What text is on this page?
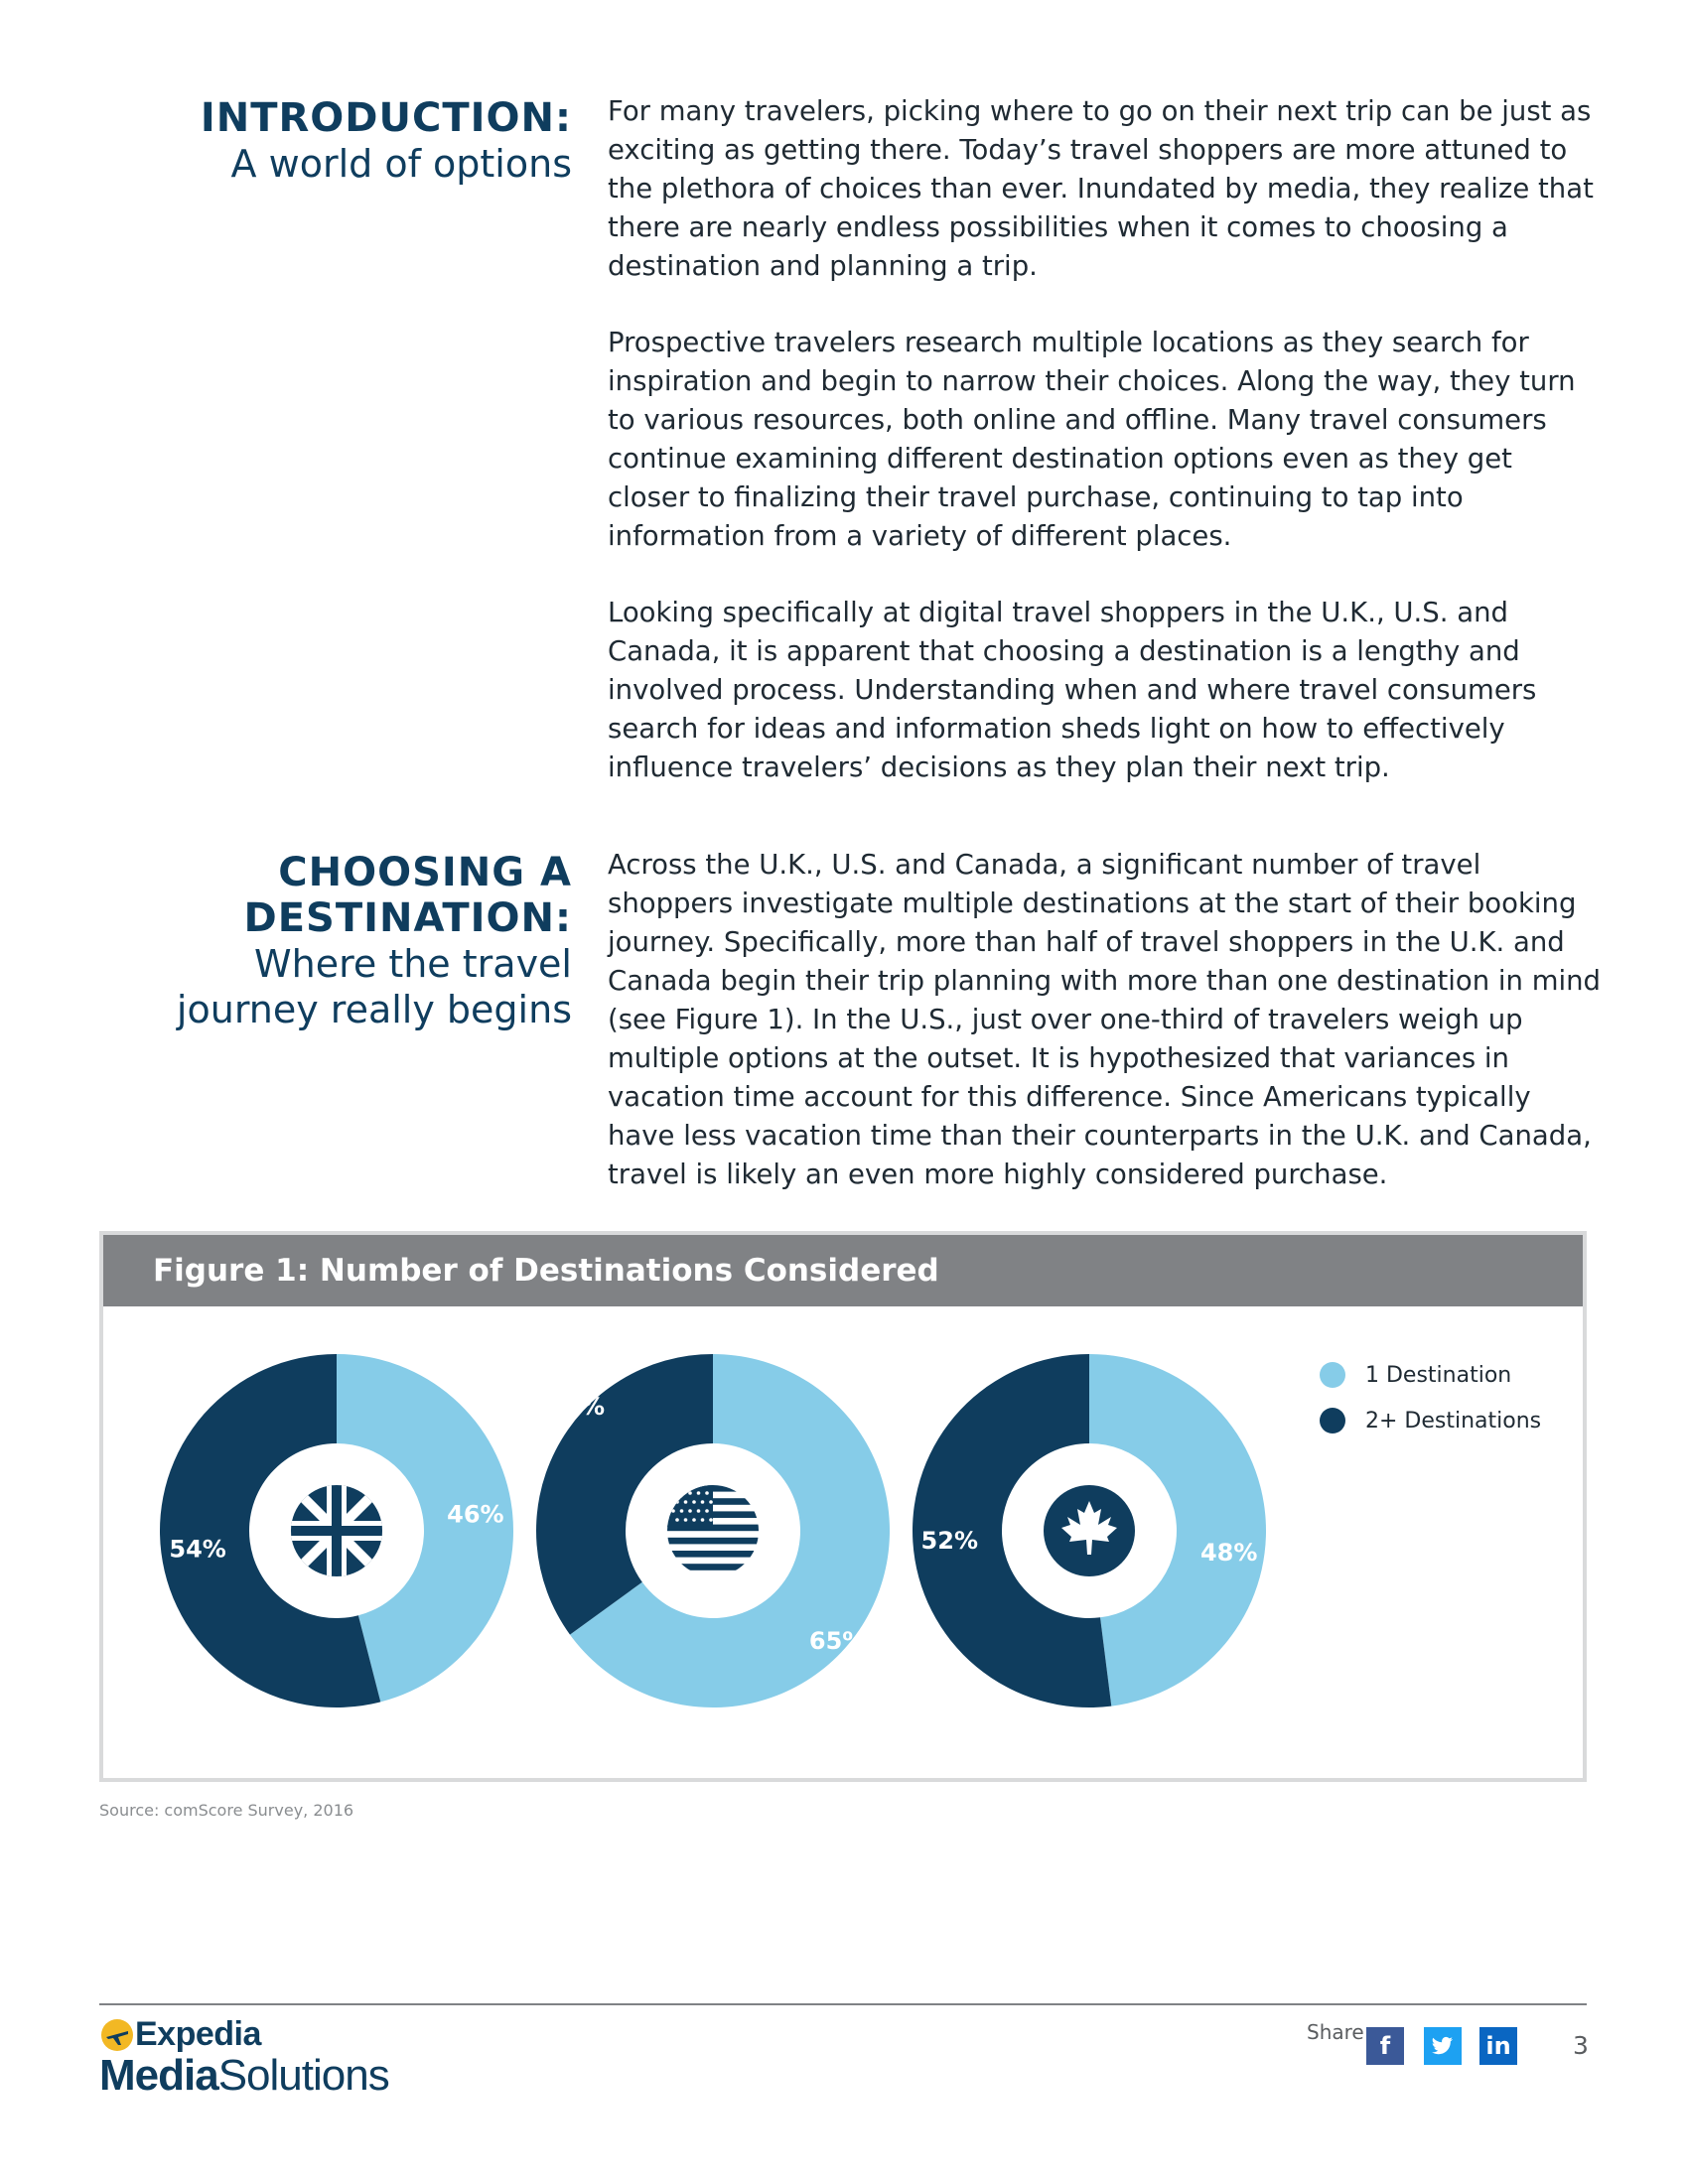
INTRODUCTION:
A world of options

For many travelers, picking where to go on their next trip can be just as exciting as getting there. Today’s travel shoppers are more attuned to the plethora of choices than ever. Inundated by media, they realize that there are nearly endless possibilities when it comes to choosing a destination and planning a trip.

Prospective travelers research multiple locations as they search for inspiration and begin to narrow their choices. Along the way, they turn to various resources, both online and offline. Many travel consumers continue examining different destination options even as they get closer to finalizing their travel purchase, continuing to tap into information from a variety of different places.

Looking specifically at digital travel shoppers in the U.K., U.S. and Canada, it is apparent that choosing a destination is a lengthy and involved process. Understanding when and where travel consumers search for ideas and information sheds light on how to effectively influence travelers’ decisions as they plan their next trip.

CHOOSING A
DESTINATION:
Where the travel
journey really begins

Across the U.K., U.S. and Canada, a significant number of travel shoppers investigate multiple destinations at the start of their booking journey. Specifically, more than half of travel shoppers in the U.K. and Canada begin their trip planning with more than one destination in mind (see Figure 1). In the U.S., just over one-third of travelers weigh up multiple options at the outset. It is hypothesized that variances in vacation time account for this difference. Since Americans typically have less vacation time than their counterparts in the U.K. and Canada, travel is likely an even more highly considered purchase.

Figure 1: Number of Destinations Considered
46%
54%
65%
35%
48%
52%
1 Destination
2+ Destinations
Source: comScore Survey, 2016
Expedia
MediaSolutions
Share f	in 3
